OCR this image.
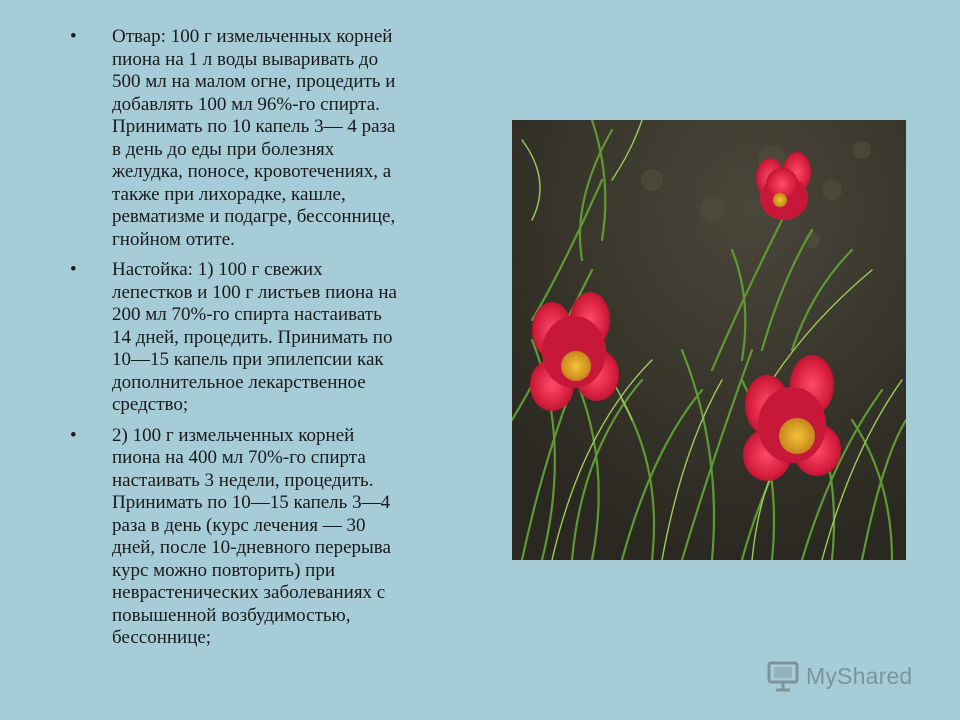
• Отвар: 100 г измельченных корней
пиона на 1 л воды вываривать до
500 мл на малом огне, процедить и
добавлять 100 мл 96%-го спирта.
Принимать по 10 капель 3— 4 раза
в день до еды при болезнях
желудка, поносе, кровотечениях, а
также при лихорадке, кашле,
ревматизме и подагре, бессоннице,
гнойном отите.
• Настойка: 1) 100 г свежих
лепестков и 100 г листьев пиона на
200 мл 70%-го спирта настаивать
14 дней, процедить. Принимать по
10—15 капель при эпилепсии как
дополнительное лекарственное
средство;
• 2) 100 г измельченных корней
пиона на 400 мл 70%-го спирта
настаивать 3 недели, процедить.
Принимать по 10—15 капель 3—4
раза в день (курс лечения — 30
дней, после 10-дневного перерыва
курс можно повторить) при
неврастенических заболеваниях с
повышенной возбудимостью,
бессоннице;
MyShared
